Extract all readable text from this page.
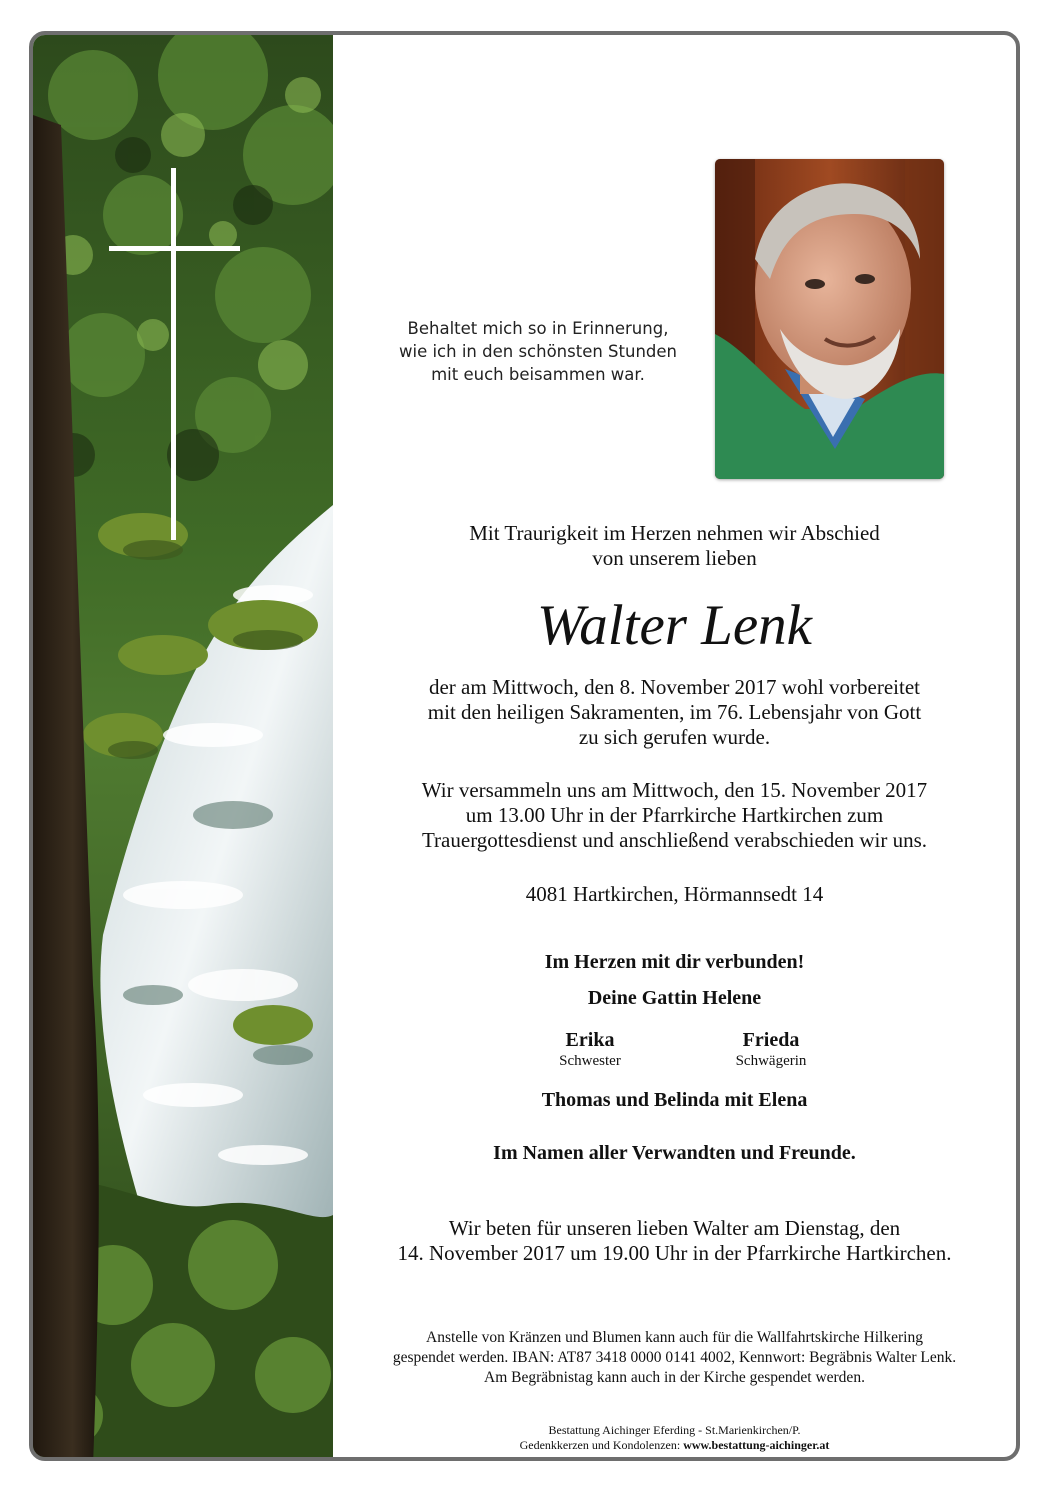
Behaltet mich so in Erinnerung,
wie ich in den schönsten Stunden
mit euch beisammen war.
Mit Traurigkeit im Herzen nehmen wir Abschied
von unserem lieben
Walter Lenk
der am Mittwoch, den 8. November 2017 wohl vorbereitet
mit den heiligen Sakramenten, im 76. Lebensjahr von Gott
zu sich gerufen wurde.
Wir versammeln uns am Mittwoch, den 15. November 2017
um 13.00 Uhr in der Pfarrkirche Hartkirchen zum
Trauergottesdienst und anschließend verabschieden wir uns.
4081 Hartkirchen, Hörmannsedt 14
Im Herzen mit dir verbunden!
Deine Gattin Helene
Erika
Schwester
Frieda
Schwägerin
Thomas und Belinda mit Elena
Im Namen aller Verwandten und Freunde.
Wir beten für unseren lieben Walter am Dienstag, den
14. November 2017 um 19.00 Uhr in der Pfarrkirche Hartkirchen.
Anstelle von Kränzen und Blumen kann auch für die Wallfahrtskirche Hilkering
gespendet werden. IBAN: AT87 3418 0000 0141 4002, Kennwort: Begräbnis Walter Lenk.
Am Begräbnistag kann auch in der Kirche gespendet werden.
Bestattung Aichinger Eferding - St.Marienkirchen/P.
Gedenkkerzen und Kondolenzen: www.bestattung-aichinger.at
